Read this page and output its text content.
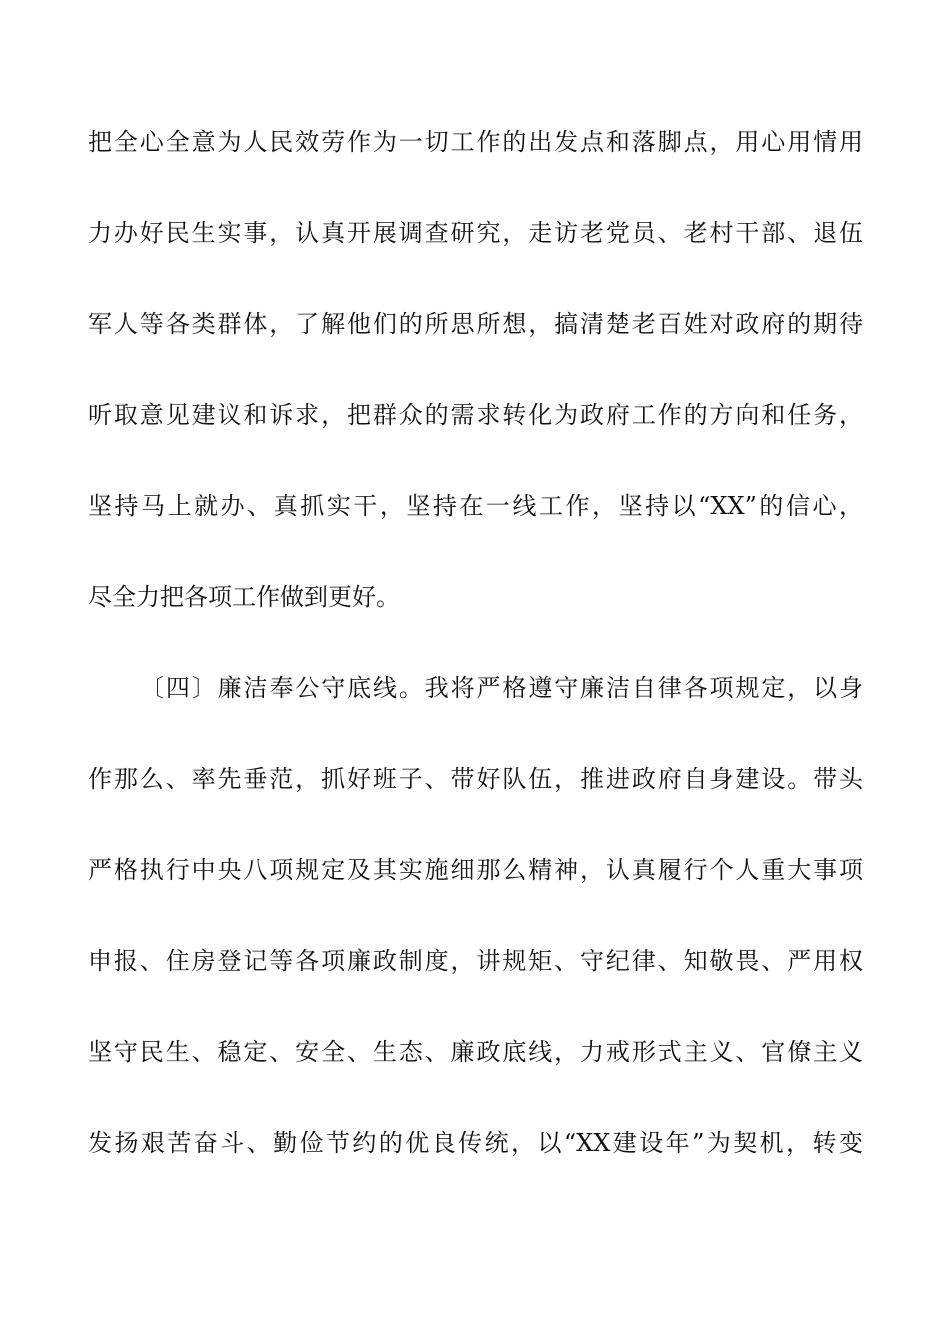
把全心全意为人民效劳作为一切工作的出发点和落脚点，用心用情用
力办好民生实事，认真开展调查研究，走访老党员、老村干部、退伍
军人等各类群体，了解他们的所思所想，搞清楚老百姓对政府的期待
听取意见建议和诉求，把群众的需求转化为政府工作的方向和任务，
坚持马上就办、真抓实干，坚持在一线工作，坚持以“XX”的信心，
尽全力把各项工作做到更好。
〔四〕廉洁奉公守底线。我将严格遵守廉洁自律各项规定，以身
作那么、率先垂范，抓好班子、带好队伍，推进政府自身建设。带头
严格执行中央八项规定及其实施细那么精神，认真履行个人重大事项
申报、住房登记等各项廉政制度，讲规矩、守纪律、知敬畏、严用权
坚守民生、稳定、安全、生态、廉政底线，力戒形式主义、官僚主义
发扬艰苦奋斗、勤俭节约的优良传统，以“XX建设年”为契机，转变
